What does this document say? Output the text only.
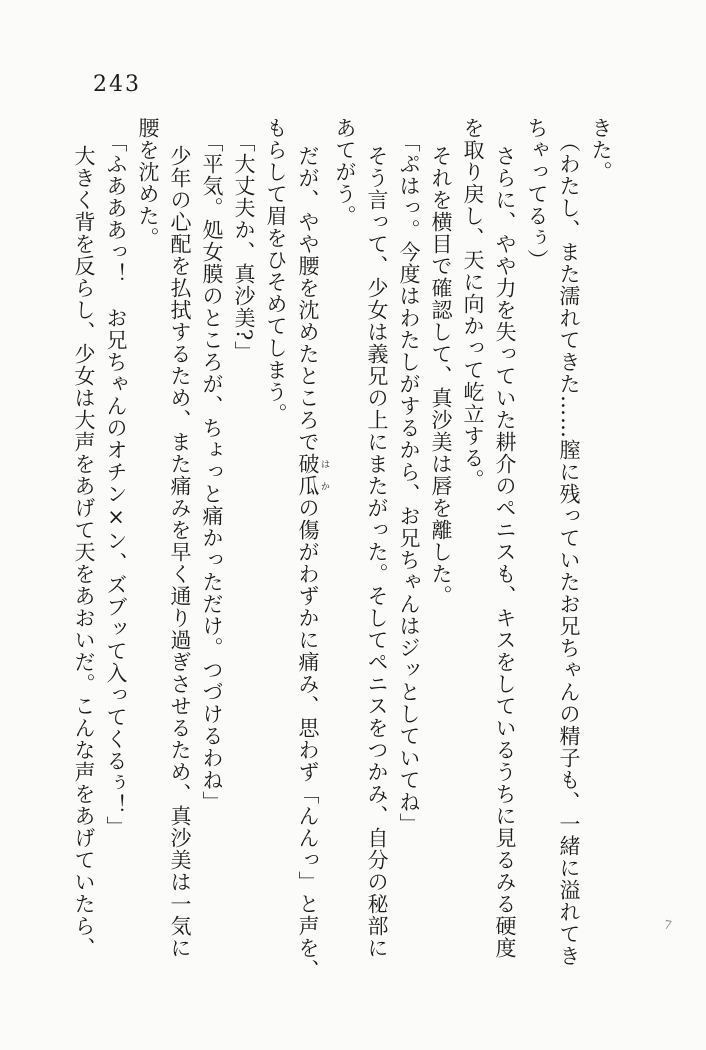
243

きた。

（わたし、また濡れてきた……膣に残っていたお兄ちゃんの精子も、一緒に溢れてき

ちゃってるぅ）

さらに、やや力を失っていた耕介のペニスも、キスをしているうちに見るみる硬度

を取り戻し、天に向かって屹立する。

それを横目で確認して、真沙美は唇を離した。

「ぷはっ。今度はわたしがするから、お兄ちゃんはジッとしていてね」

そう言って、少女は義兄の上にまたがった。そしてペニスをつかみ、自分の秘部に

あてがう。

だが、やや腰を沈めたところで破瓜 はかの傷がわずかに痛み、思わず「んんっ」と声を、

もらして眉をひそめてしまう。

「大丈夫か、真沙美?」

「平気。処女膜のところが、ちょっと痛かっただけ。つづけるわね」

少年の心配を払拭するため、また痛みを早く通り過ぎさせるため、真沙美は一気に

腰を沈めた。

「ふあああっ！　お兄ちゃんのオチン×ン、ズブッて入ってくるぅ！」

大きく背を反らし、少女は大声をあげて天をあおいだ。こんな声をあげていたら、	7
